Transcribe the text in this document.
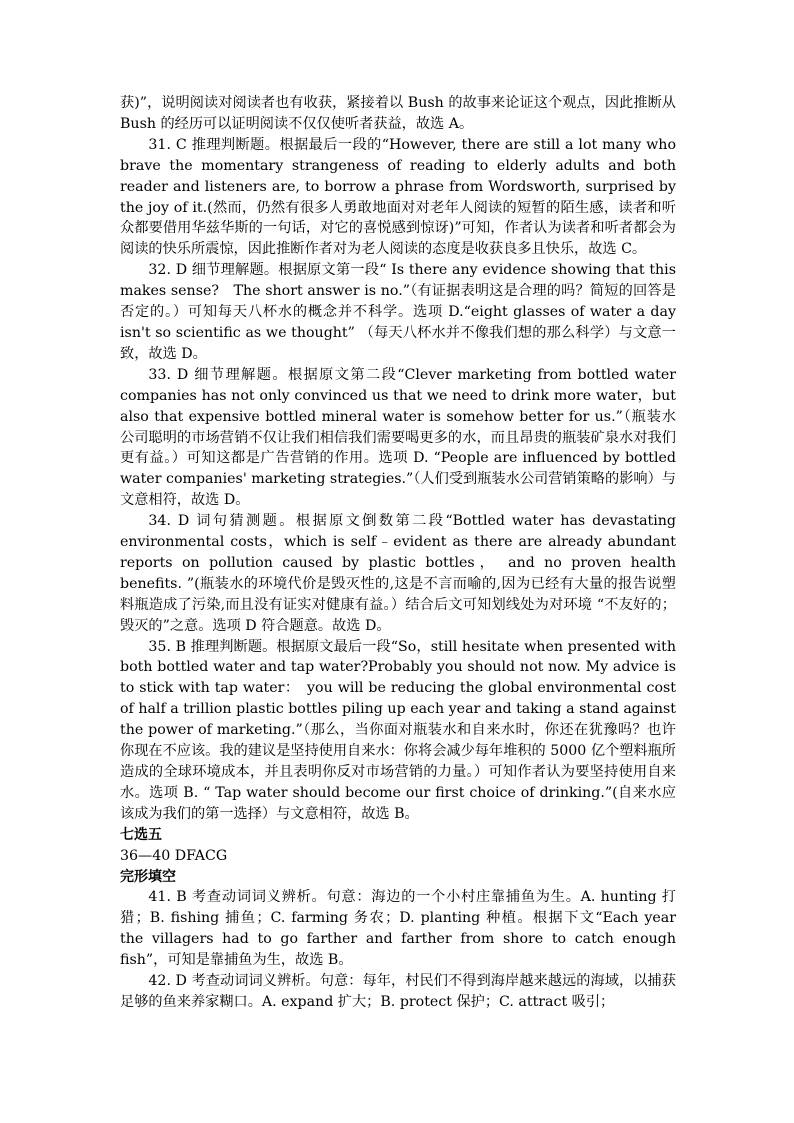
获)”，说明阅读对阅读者也有收获，紧接着以 Bush 的故事来论证这个观点，因此推断从 Bush 的经历可以证明阅读不仅仅使听者获益，故选 A。

31. C 推理判断题。根据最后一段的“However, there are still a lot many who brave the momentary strangeness of reading to elderly adults and both reader and listeners are, to borrow a phrase from Wordsworth, surprised by the joy of it.(然而，仍然有很多人勇敢地面对对老年人阅读的短暂的陌生感，读者和听众都要借用华兹华斯的一句话，对它的喜悦感到惊讶)”可知，作者认为读者和听者都会为阅读的快乐所震惊，因此推断作者对为老人阅读的态度是收获良多且快乐，故选 C。

32. D 细节理解题。根据原文第一段“ Is there any evidence showing that this makes sense?　The short answer is no.”（有证据表明这是合理的吗？简短的回答是否定的。）可知每天八杯水的概念并不科学。选项 D.“eight glasses of water a day isn't so scientific as we thought” （每天八杯水并不像我们想的那么科学）与文意一致，故选 D。

33. D 细节理解题。根据原文第二段“Clever marketing from bottled water companies has not only convinced us that we need to drink more water，but also that expensive bottled mineral water is somehow better for us.”（瓶装水公司聪明的市场营销不仅让我们相信我们需要喝更多的水，而且昂贵的瓶装矿泉水对我们更有益。）可知这都是广告营销的作用。选项 D. “People are influenced by bottled water companies' marketing strategies.”（人们受到瓶装水公司营销策略的影响）与文意相符，故选 D。

34. D 词句猜测题。根据原文倒数第二段“Bottled water has devastating environmental costs，which is self﹣evident as there are already abundant reports on pollution caused by plastic bottles， and no proven health benefits. ”(瓶装水的环境代价是毁灭性的,这是不言而喻的,因为已经有大量的报告说塑料瓶造成了污染,而且没有证实对健康有益。）结合后文可知划线处为对环境 “不友好的；毁灭的”之意。选项 D 符合题意。故选 D。

35. B 推理判断题。根据原文最后一段“So，still hesitate when presented with both bottled water and tap water?Probably you should not now. My advice is to stick with tap water：　you will be reducing the global environmental cost of half a trillion plastic bottles piling up each year and taking a stand against the power of marketing.”（那么，当你面对瓶装水和自来水时，你还在犹豫吗？也许你现在不应该。我的建议是坚持使用自来水：你将会减少每年堆积的 5000 亿个塑料瓶所造成的全球环境成本，并且表明你反对市场营销的力量。）可知作者认为要坚持使用自来水。选项 B. “ Tap water should become our first choice of drinking.”(自来水应该成为我们的第一选择）与文意相符，故选 B。

七选五

36—40 DFACG

完形填空

41. B 考查动词词义辨析。句意：海边的一个小村庄靠捕鱼为生。A. hunting 打猎；B. fishing 捕鱼；C. farming 务农；D. planting 种植。根据下文“Each year the villagers had to go farther and farther from shore to catch enough fish”，可知是靠捕鱼为生，故选 B。

42. D 考查动词词义辨析。句意：每年，村民们不得到海岸越来越远的海域，以捕获足够的鱼来养家糊口。A. expand 扩大；B. protect 保护；C. attract 吸引；
